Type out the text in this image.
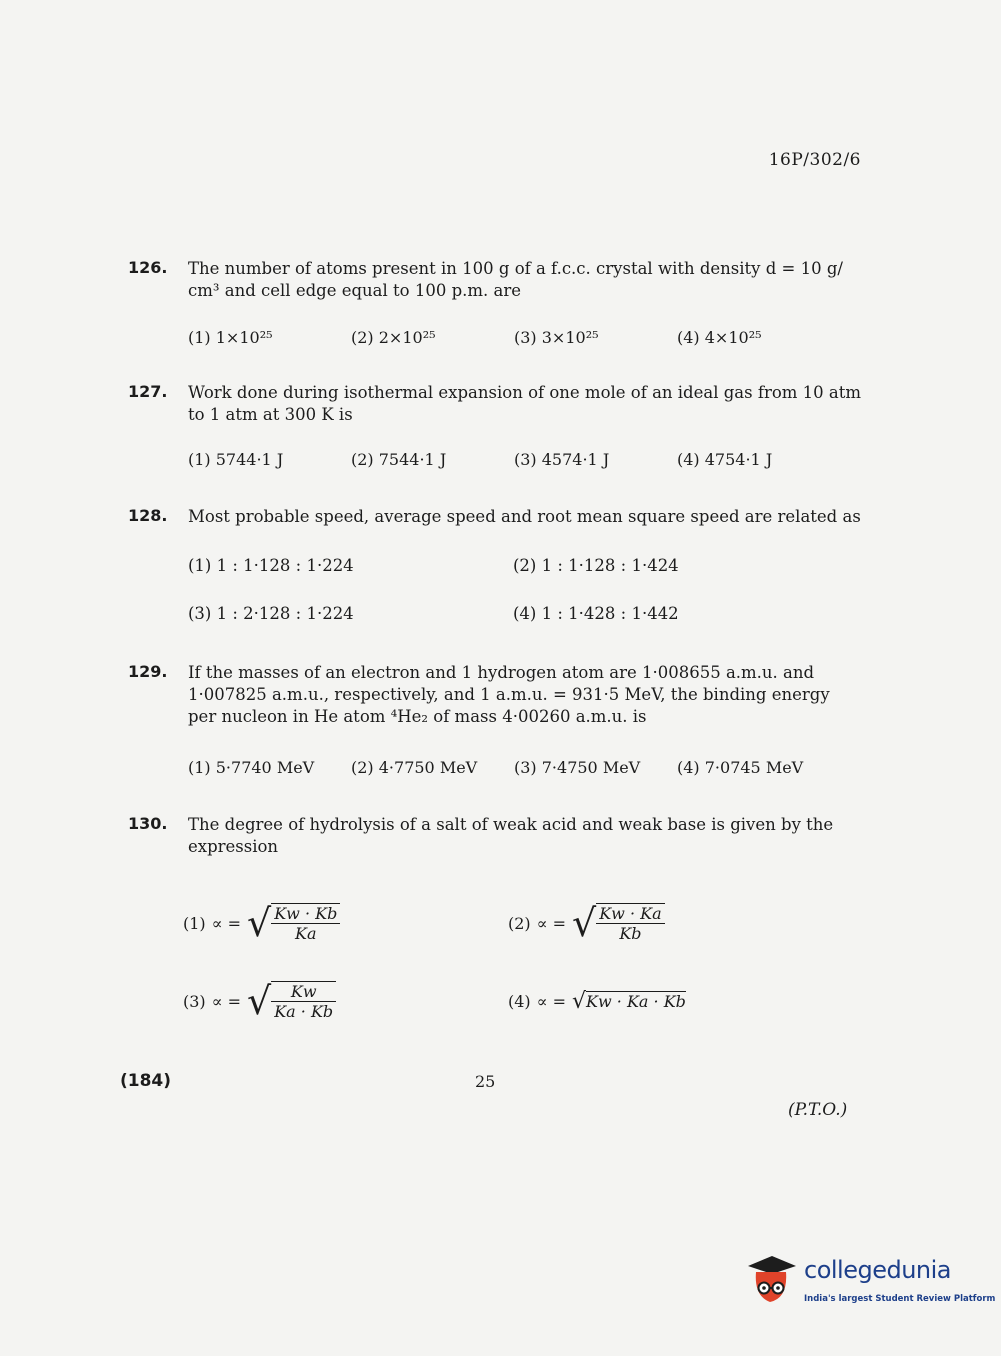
16P/302/6
126. The number of atoms present in 100 g of a f.c.c. crystal with density d = 10 g/ cm³ and cell edge equal to 100 p.m. are
(1) 1×10²⁵	(2) 2×10²⁵	(3) 3×10²⁵	(4) 4×10²⁵
127. Work done during isothermal expansion of one mole of an ideal gas from 10 atm to 1 atm at 300 K is
(1) 5744·1 J	(2) 7544·1 J	(3) 4574·1 J	(4) 4754·1 J
128. Most probable speed, average speed and root mean square speed are related as
(1) 1 : 1·128 : 1·224	(2) 1 : 1·128 : 1·424
(3) 1 : 2·128 : 1·224	(4) 1 : 1·428 : 1·442
129. If the masses of an electron and 1 hydrogen atom are 1·008655 a.m.u. and 1·007825 a.m.u., respectively, and 1 a.m.u. = 931·5 MeV, the binding energy per nucleon in He atom ⁴He₂ of mass 4·00260 a.m.u. is
(1) 5·7740 MeV	(2) 4·7750 MeV	(3) 7·4750 MeV	(4) 7·0745 MeV
130. The degree of hydrolysis of a salt of weak acid and weak base is given by the expression
(1) ∝ = √ $\frac{Kw \cdot Kb}{Ka}$	(2) ∝ = √ $\frac{Kw \cdot Ka}{Kb}$
(3) ∝ = √ $\frac{Kw}{Ka \cdot Kb}$	(4) ∝ = √Kw · Ka · Kb
(184)	25
(P.T.O.)
collegedunia
India's largest Student Review Platform
